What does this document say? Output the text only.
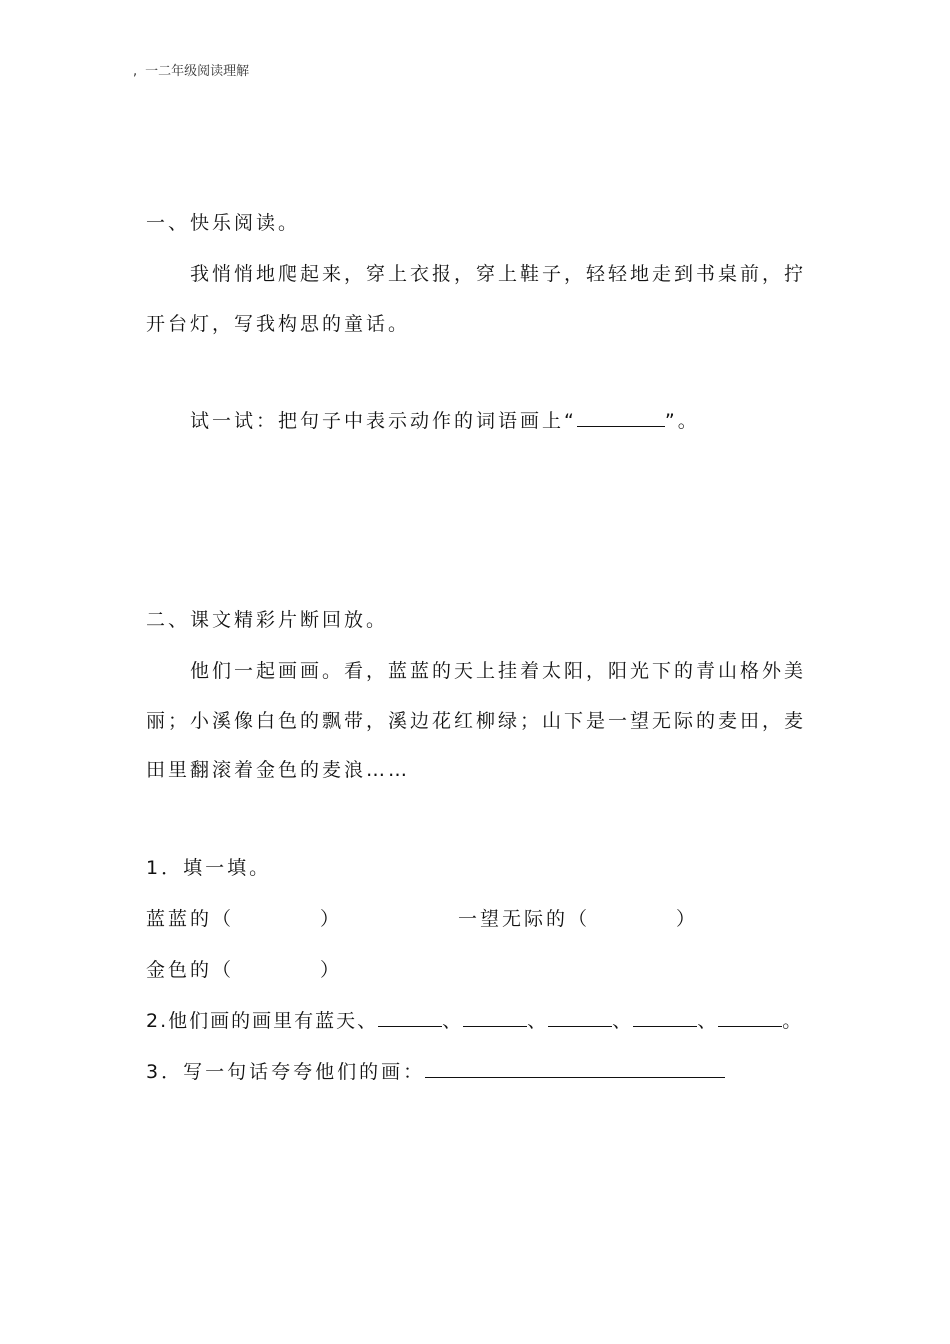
, 一二年级阅读理解
一、快乐阅读。
我悄悄地爬起来，穿上衣报，穿上鞋子，轻轻地走到书桌前，拧
开台灯，写我构思的童话。
试一试：把句子中表示动作的词语画上“	”。
二、课文精彩片断回放。
他们一起画画。看，蓝蓝的天上挂着太阳，阳光下的青山格外美
丽；小溪像白色的飘带，溪边花红柳绿；山下是一望无际的麦田，麦
田里翻滚着金色的麦浪……
1．填一填。
蓝蓝的（	）	一望无际的（	）
金色的（	）
2.他们画的画里有蓝天、	、	、	、	、	。
3．写一句话夸夸他们的画：
